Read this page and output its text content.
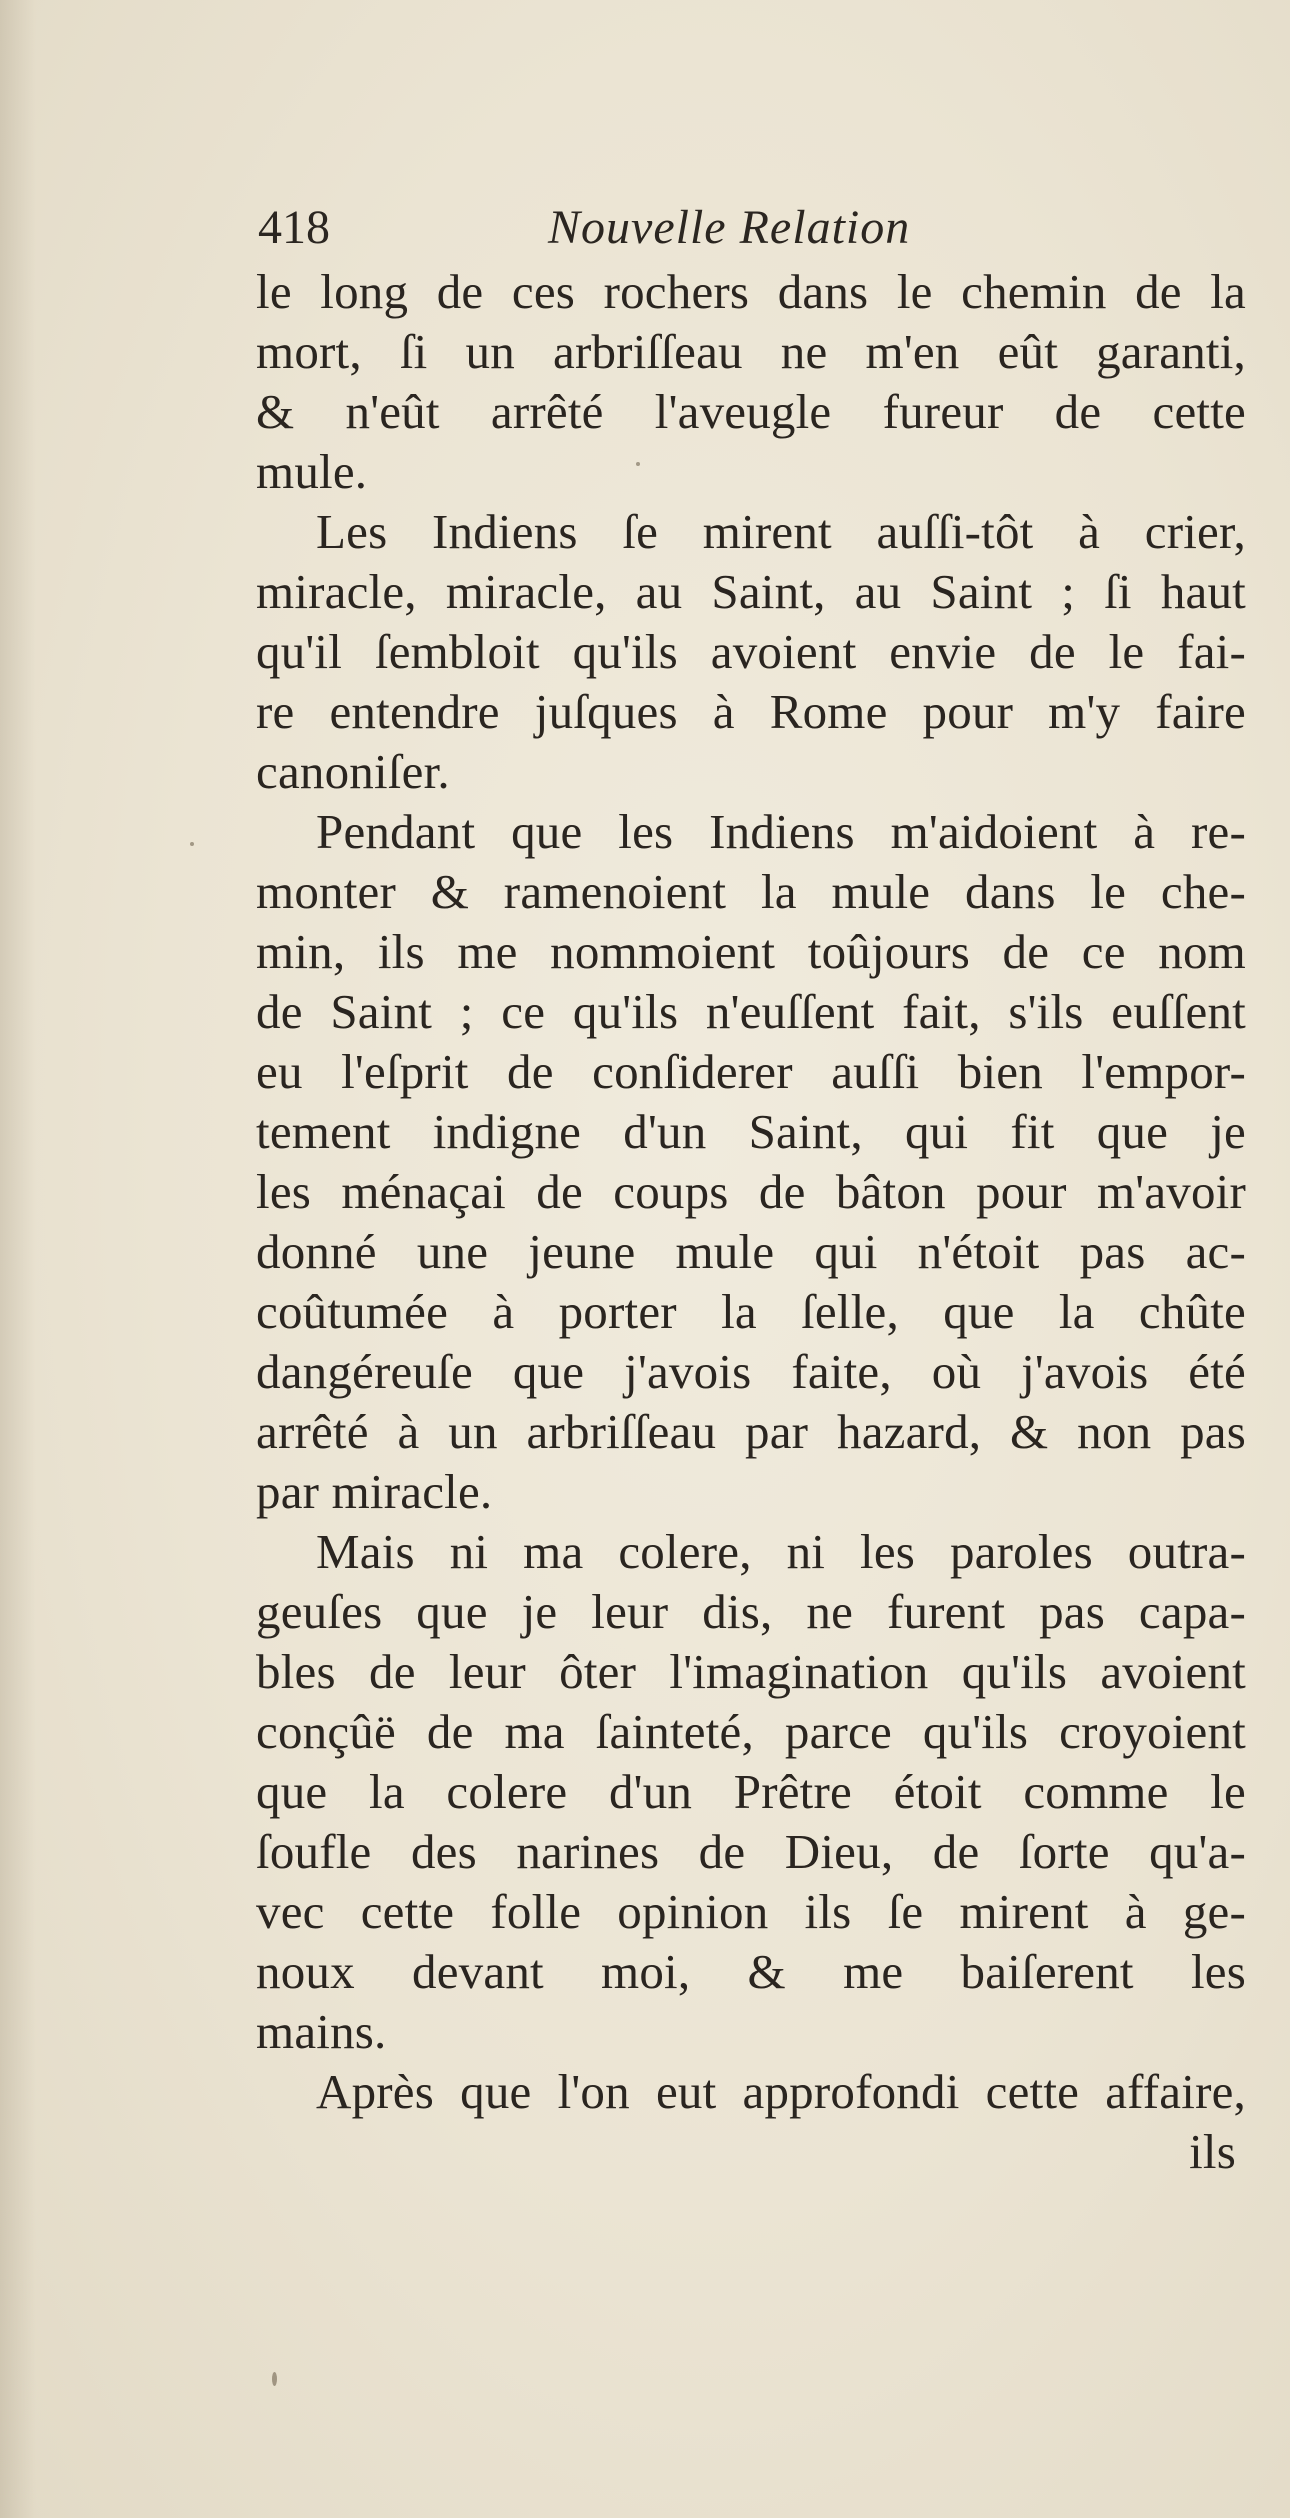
418	Nouvelle Relation
le long de ces rochers dans le chemin de la
mort, ſi un arbriſſeau ne m'en eût garanti,
& n'eût arrêté l'aveugle fureur de cette
mule.
Les Indiens ſe mirent auſſi-tôt à crier,
miracle, miracle, au Saint, au Saint ; ſi haut
qu'il ſembloit qu'ils avoient envie de le fai-
re entendre juſques à Rome pour m'y faire
canoniſer.
Pendant que les Indiens m'aidoient à re-
monter & ramenoient la mule dans le che-
min, ils me nommoient toûjours de ce nom
de Saint ; ce qu'ils n'euſſent fait, s'ils euſſent
eu l'eſprit de conſiderer auſſi bien l'empor-
tement indigne d'un Saint, qui fit que je
les ménaçai de coups de bâton pour m'avoir
donné une jeune mule qui n'étoit pas ac-
coûtumée à porter la ſelle, que la chûte
dangéreuſe que j'avois faite, où j'avois été
arrêté à un arbriſſeau par hazard, & non pas
par miracle.
Mais ni ma colere, ni les paroles outra-
geuſes que je leur dis, ne furent pas capa-
bles de leur ôter l'imagination qu'ils avoient
conçûë de ma ſainteté, parce qu'ils croyoient
que la colere d'un Prêtre étoit comme le
ſoufle des narines de Dieu, de ſorte qu'a-
vec cette folle opinion ils ſe mirent à ge-
noux devant moi, & me baiſerent les
mains.
Après que l'on eut approfondi cette affaire,
ils
